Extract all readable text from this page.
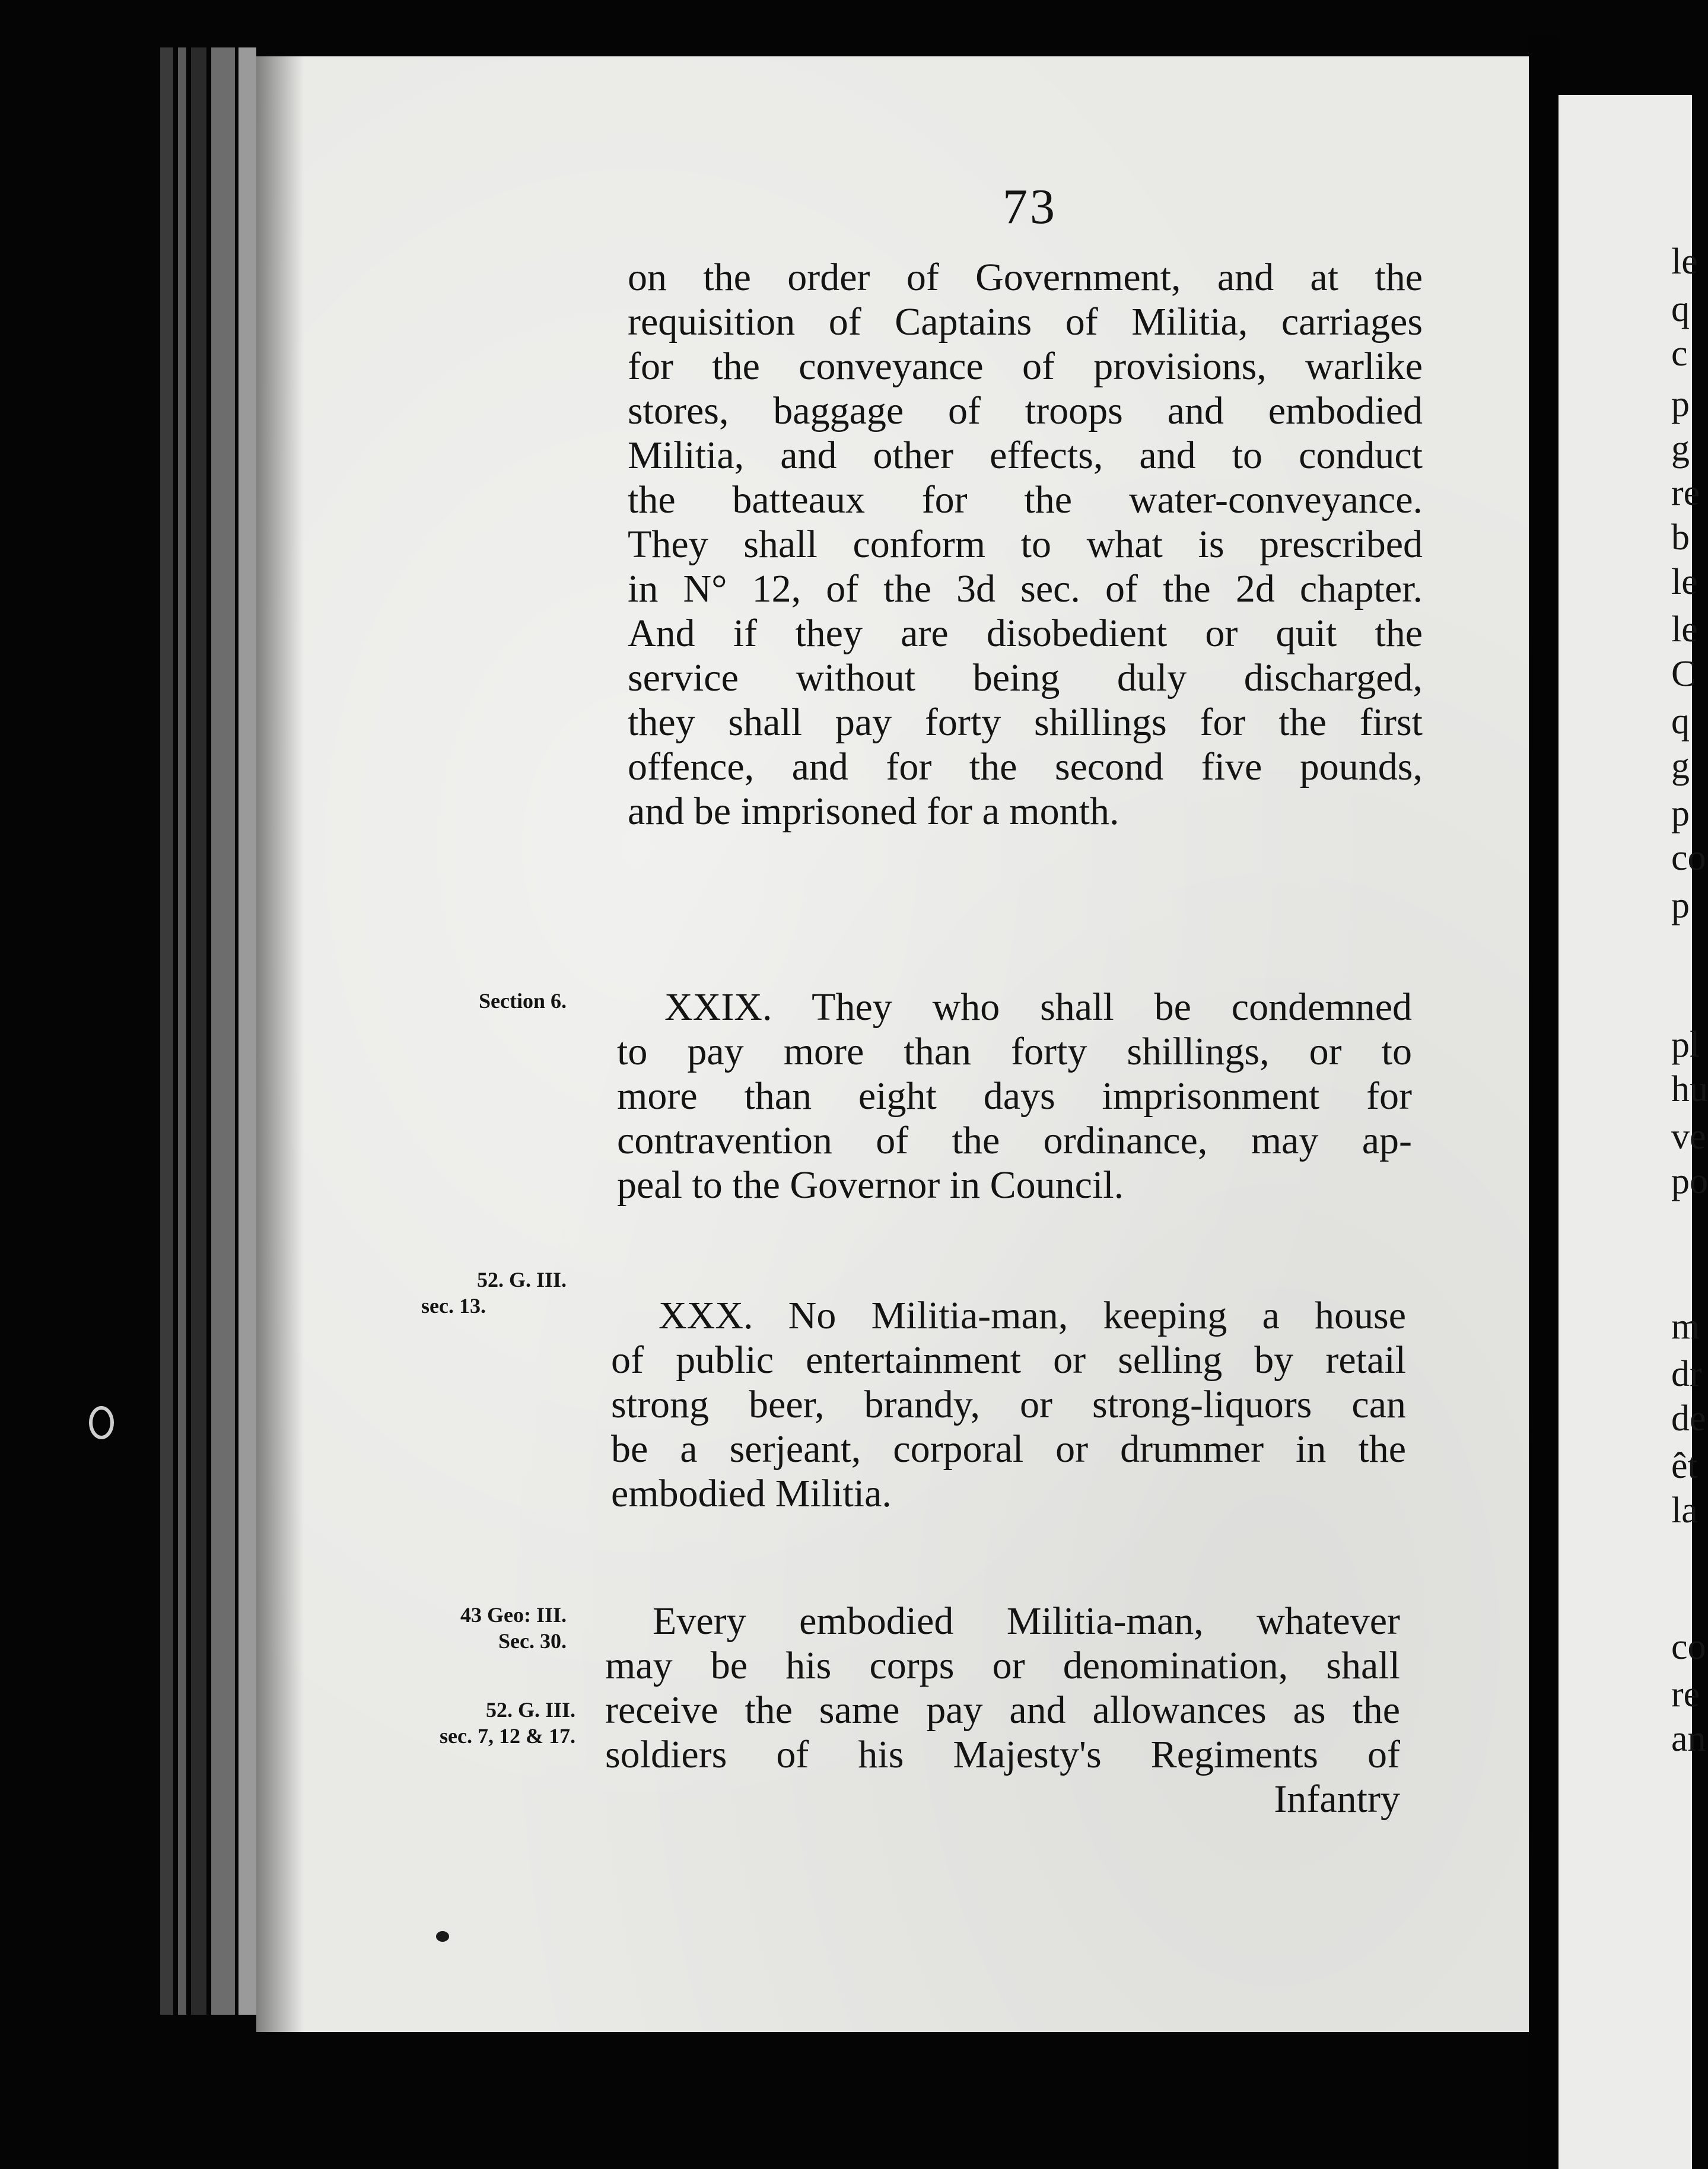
73
on the order of Government, and at the
requisition of Captains of Militia, carriages
for the conveyance of provisions, warlike
stores, baggage of troops and embodied
Militia, and other effects, and to conduct
the batteaux for the water-conveyance.
They shall conform to what is prescribed
in N° 12, of the 3d sec. of the 2d chapter.
And if they are disobedient or quit the
service without being duly discharged,
they shall pay forty shillings for the first
offence, and for the second five pounds,
and be imprisoned for a month.
Section 6.	XXIX. They who shall be condemned
to pay more than forty shillings, or to
more than eight days imprisonment for
contravention of the ordinance, may ap-
peal to the Governor in Council.
52. G. III.
sec. 13.	XXX. No Militia-man, keeping a house
of public entertainment or selling by retail
strong beer, brandy, or strong-liquors can
be a serjeant, corporal or drummer in the
embodied Militia.
43 Geo: III.
Sec. 30.
52. G. III.
sec. 7, 12 & 17.
Every embodied Militia-man, whatever
may be his corps or denomination, shall
receive the same pay and allowances as the
soldiers of his Majesty's Regiments of
Infantry
le
q
c
p
g
re
b
le
le
C
q
g
p
co
p
pl
hu
ve
po
m
dr
de
êt
la
co
re
an
